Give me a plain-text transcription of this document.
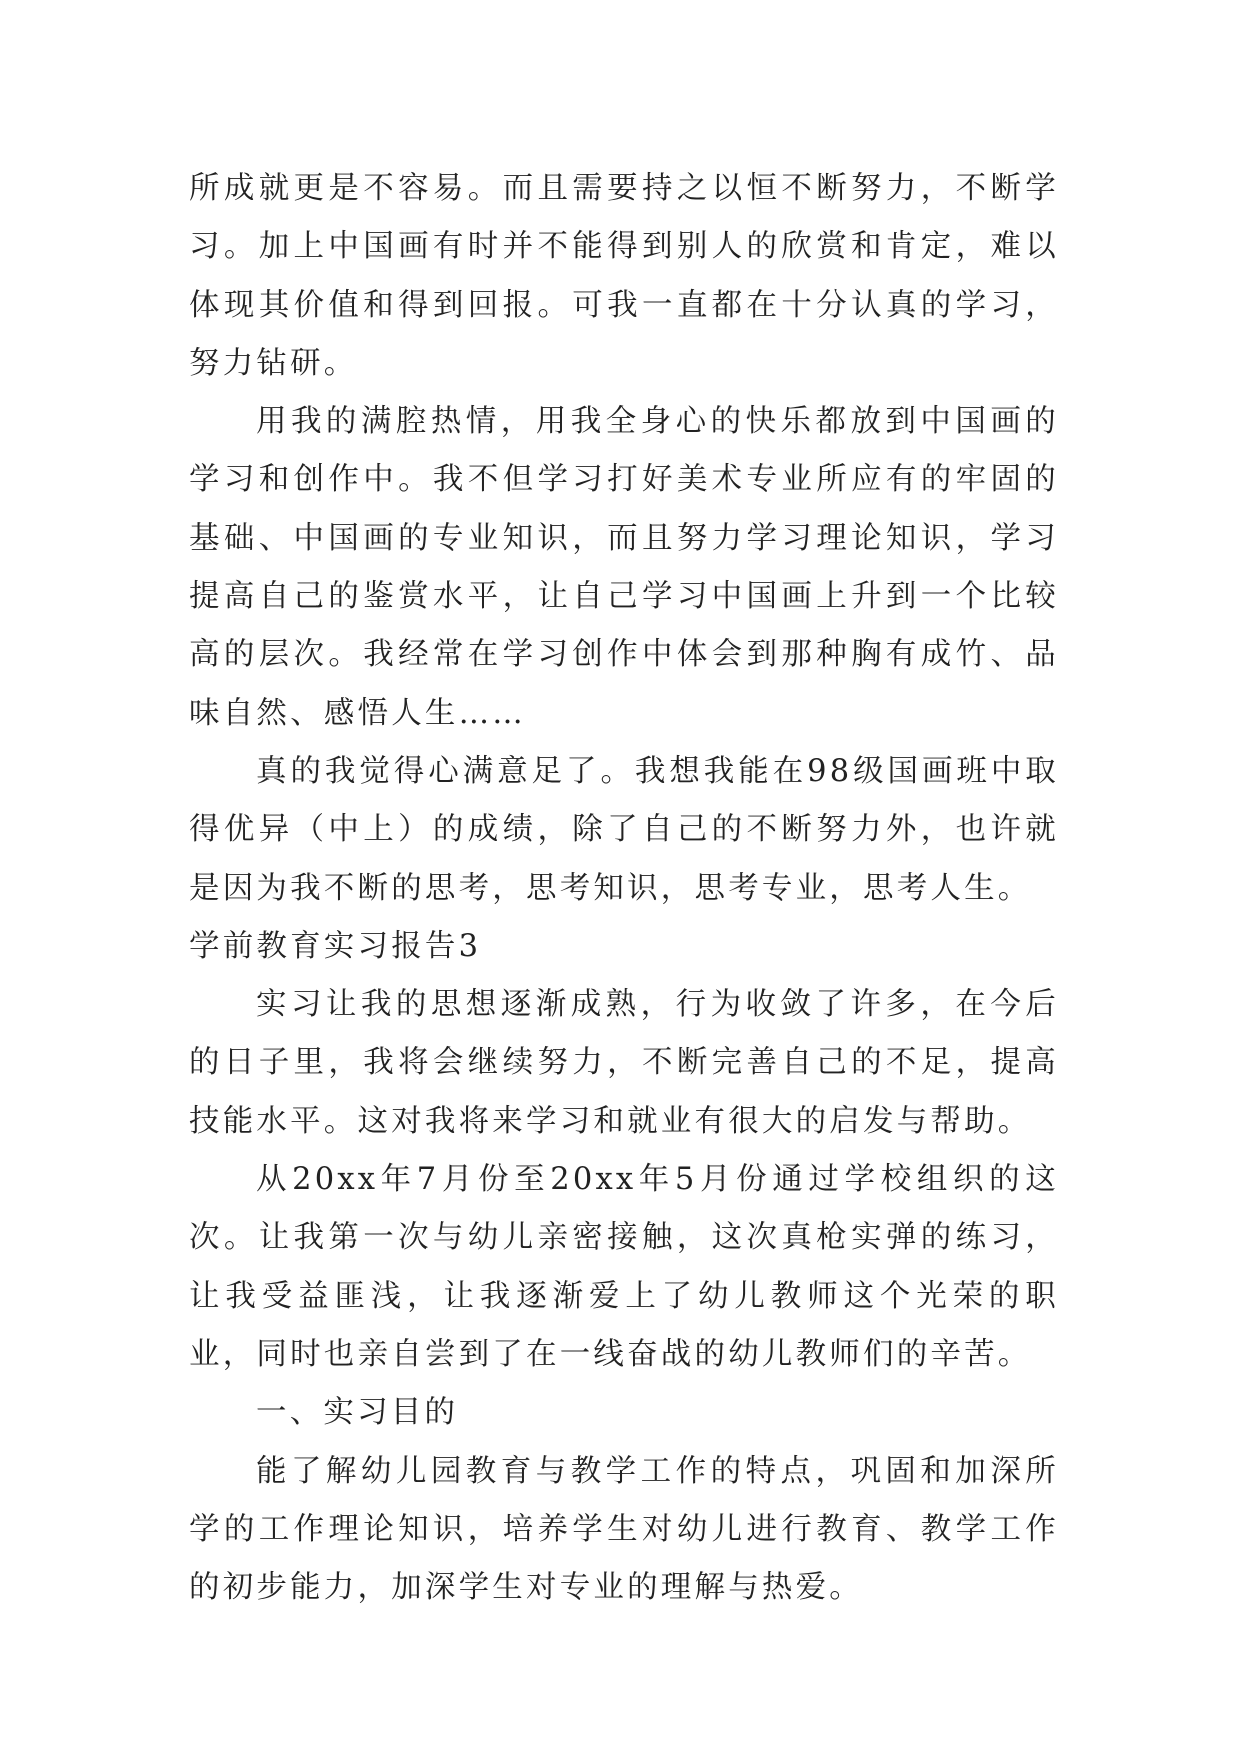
所成就更是不容易。而且需要持之以恒不断努力，不断学习。加上中国画有时并不能得到别人的欣赏和肯定，难以体现其价值和得到回报。可我一直都在十分认真的学习，努力钻研。

用我的满腔热情，用我全身心的快乐都放到中国画的学习和创作中。我不但学习打好美术专业所应有的牢固的基础、中国画的专业知识，而且努力学习理论知识，学习提高自己的鉴赏水平，让自己学习中国画上升到一个比较高的层次。我经常在学习创作中体会到那种胸有成竹、品味自然、感悟人生……

真的我觉得心满意足了。我想我能在98级国画班中取得优异（中上）的成绩，除了自己的不断努力外，也许就是因为我不断的思考，思考知识，思考专业，思考人生。

学前教育实习报告3

实习让我的思想逐渐成熟，行为收敛了许多，在今后的日子里，我将会继续努力，不断完善自己的不足，提高技能水平。这对我将来学习和就业有很大的启发与帮助。

从20xx年7月份至20xx年5月份通过学校组织的这次。让我第一次与幼儿亲密接触，这次真枪实弹的练习，让我受益匪浅，让我逐渐爱上了幼儿教师这个光荣的职业，同时也亲自尝到了在一线奋战的幼儿教师们的辛苦。

一、实习目的

能了解幼儿园教育与教学工作的特点，巩固和加深所学的工作理论知识，培养学生对幼儿进行教育、教学工作的初步能力，加深学生对专业的理解与热爱。
